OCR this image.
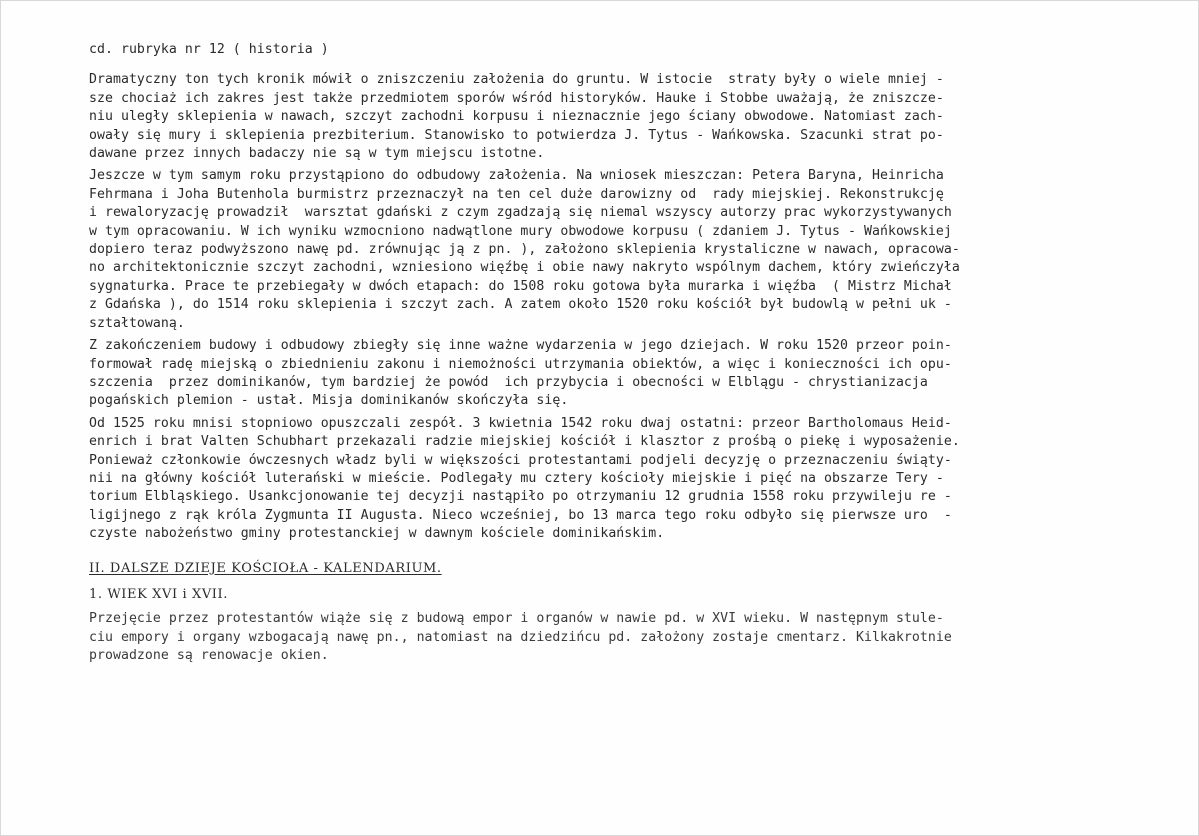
cd. rubryka nr 12 ( historia )
Dramatyczny ton tych kronik mówił o zniszczeniu założenia do gruntu. W istocie  straty były o wiele mniej -
sze chociaż ich zakres jest także przedmiotem sporów wśród historyków. Hauke i Stobbe uważają, że zniszcze-
niu uległy sklepienia w nawach, szczyt zachodni korpusu i nieznacznie jego ściany obwodowe. Natomiast zach-
owały się mury i sklepienia prezbiterium. Stanowisko to potwierdza J. Tytus - Wańkowska. Szacunki strat po-
dawane przez innych badaczy nie są w tym miejscu istotne.
Jeszcze w tym samym roku przystąpiono do odbudowy założenia. Na wniosek mieszczan: Petera Baryna, Heinricha
Fehrmana i Joha Butenhola burmistrz przeznaczył na ten cel duże darowizny od  rady miejskiej. Rekonstrukcję
i rewaloryzację prowadził  warsztat gdański z czym zgadzają się niemal wszyscy autorzy prac wykorzystywanych
w tym opracowaniu. W ich wyniku wzmocniono nadwątlone mury obwodowe korpusu ( zdaniem J. Tytus - Wańkowskiej
dopiero teraz podwyższono nawę pd. zrównując ją z pn. ), założono sklepienia krystaliczne w nawach, opracowa-
no architektonicznie szczyt zachodni, wzniesiono więźbę i obie nawy nakryto wspólnym dachem, który zwieńczyła
sygnaturka. Prace te przebiegały w dwóch etapach: do 1508 roku gotowa była murarka i więźba  ( Mistrz Michał
z Gdańska ), do 1514 roku sklepienia i szczyt zach. A zatem około 1520 roku kościół był budowlą w pełni uk -
ształtowaną.
Z zakończeniem budowy i odbudowy zbiegły się inne ważne wydarzenia w jego dziejach. W roku 1520 przeor poin-
formował radę miejską o zbiednieniu zakonu i niemożności utrzymania obiektów, a więc i konieczności ich opu-
szczenia  przez dominikanów, tym bardziej że powód  ich przybycia i obecności w Elblągu - chrystianizacja
pogańskich plemion - ustał. Misja dominikanów skończyła się.
Od 1525 roku mnisi stopniowo opuszczali zespół. 3 kwietnia 1542 roku dwaj ostatni: przeor Bartholomaus Heid-
enrich i brat Valten Schubhart przekazali radzie miejskiej kościół i klasztor z prośbą o piekę i wyposażenie.
Ponieważ członkowie ówczesnych władz byli w większości protestantami podjeli decyzję o przeznaczeniu świąty-
nii na główny kościół luterański w mieście. Podlegały mu cztery kościoły miejskie i pięć na obszarze Tery -
torium Elbląskiego. Usankcjonowanie tej decyzji nastąpiło po otrzymaniu 12 grudnia 1558 roku przywileju re -
ligijnego z rąk króla Zygmunta II Augusta. Nieco wcześniej, bo 13 marca tego roku odbyło się pierwsze uro  -
czyste nabożeństwo gminy protestanckiej w dawnym kościele dominikańskim.
II. DALSZE DZIEJE KOŚCIOŁA - KALENDARIUM.
1. WIEK XVI i XVII.
Przejęcie przez protestantów wiąże się z budową empor i organów w nawie pd. w XVI wieku. W następnym stule-
ciu empory i organy wzbogacają nawę pn., natomiast na dziedzińcu pd. założony zostaje cmentarz. Kilkakrotnie
prowadzone są renowacje okien.
